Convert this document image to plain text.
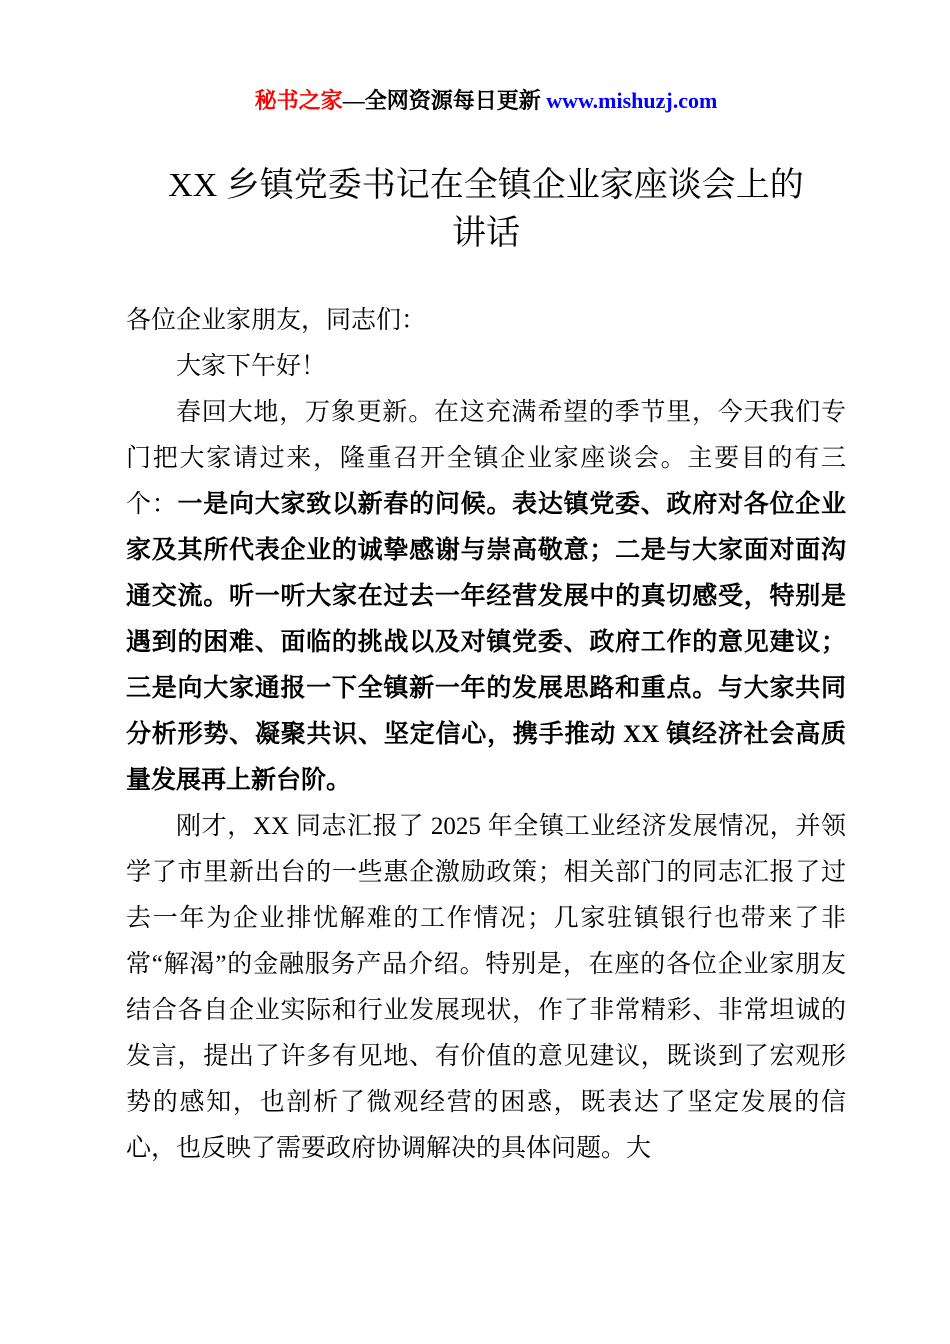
秘书之家—全网资源每日更新 www.mishuzj.com
XX 乡镇党委书记在全镇企业家座谈会上的
讲话

各位企业家朋友，同志们：

大家下午好！

春回大地，万象更新。在这充满希望的季节里，今天我们专门把大家请过来，隆重召开全镇企业家座谈会。主要目的有三个：一是向大家致以新春的问候。表达镇党委、政府对各位企业家及其所代表企业的诚挚感谢与崇高敬意；二是与大家面对面沟通交流。听一听大家在过去一年经营发展中的真切感受，特别是遇到的困难、面临的挑战以及对镇党委、政府工作的意见建议；三是向大家通报一下全镇新一年的发展思路和重点。与大家共同分析形势、凝聚共识、坚定信心，携手推动 XX 镇经济社会高质量发展再上新台阶。

刚才，XX 同志汇报了 2025 年全镇工业经济发展情况，并领学了市里新出台的一些惠企激励政策；相关部门的同志汇报了过去一年为企业排忧解难的工作情况；几家驻镇银行也带来了非常“解渴”的金融服务产品介绍。特别是，在座的各位企业家朋友结合各自企业实际和行业发展现状，作了非常精彩、非常坦诚的发言，提出了许多有见地、有价值的意见建议，既谈到了宏观形势的感知，也剖析了微观经营的困惑，既表达了坚定发展的信心，也反映了需要政府协调解决的具体问题。大
